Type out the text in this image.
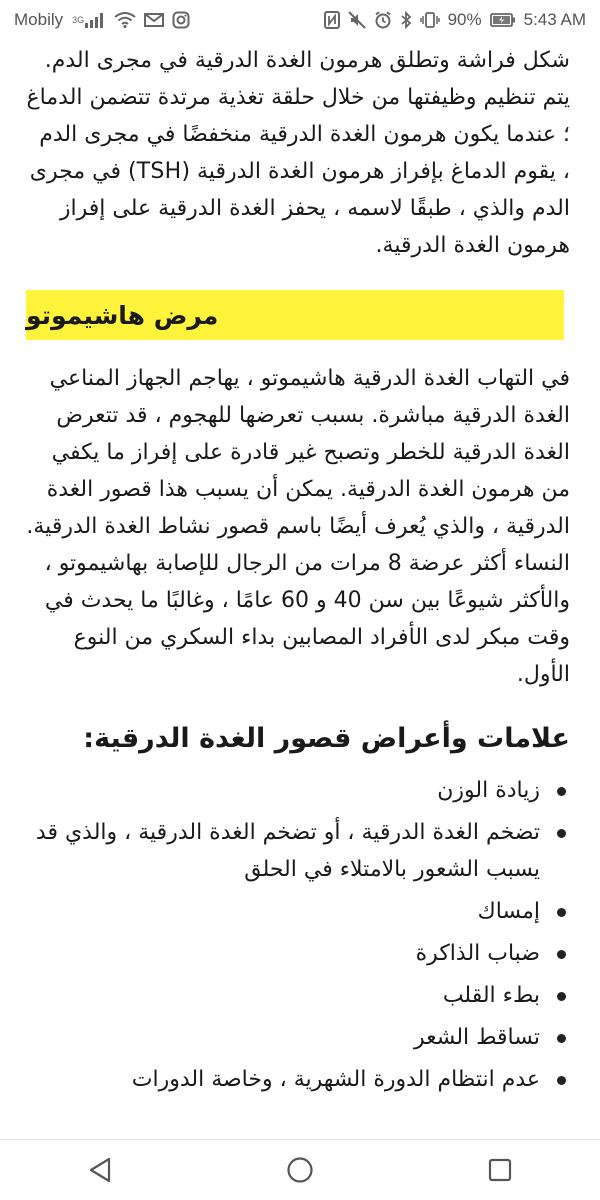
Mobily 3G	90% 5:43 AM

شكل فراشة وتطلق هرمون الغدة الدرقية في مجرى الدم. يتم تنظيم وظيفتها من خلال حلقة تغذية مرتدة تتضمن الدماغ ؛ عندما يكون هرمون الغدة الدرقية منخفضًا في مجرى الدم ، يقوم الدماغ بإفراز هرمون الغدة الدرقية (TSH) في مجرى الدم والذي ، طبقًا لاسمه ، يحفز الغدة الدرقية على إفراز هرمون الغدة الدرقية.

مرض هاشيموتو

في التهاب الغدة الدرقية هاشيموتو ، يهاجم الجهاز المناعي الغدة الدرقية مباشرة. بسبب تعرضها للهجوم ، قد تتعرض الغدة الدرقية للخطر وتصبح غير قادرة على إفراز ما يكفي من هرمون الغدة الدرقية. يمكن أن يسبب هذا قصور الغدة الدرقية ، والذي يُعرف أيضًا باسم قصور نشاط الغدة الدرقية. النساء أكثر عرضة 8 مرات من الرجال للإصابة بهاشيموتو ، والأكثر شيوعًا بين سن 40 و 60 عامًا ، وغالبًا ما يحدث في وقت مبكر لدى الأفراد المصابين بداء السكري من النوع الأول.

علامات وأعراض قصور الغدة الدرقية:
زيادة الوزن
تضخم الغدة الدرقية ، أو تضخم الغدة الدرقية ، والذي قد يسبب الشعور بالامتلاء في الحلق
إمساك
ضباب الذاكرة
بطء القلب
تساقط الشعر
عدم انتظام الدورة الشهرية ، وخاصة الدورات
